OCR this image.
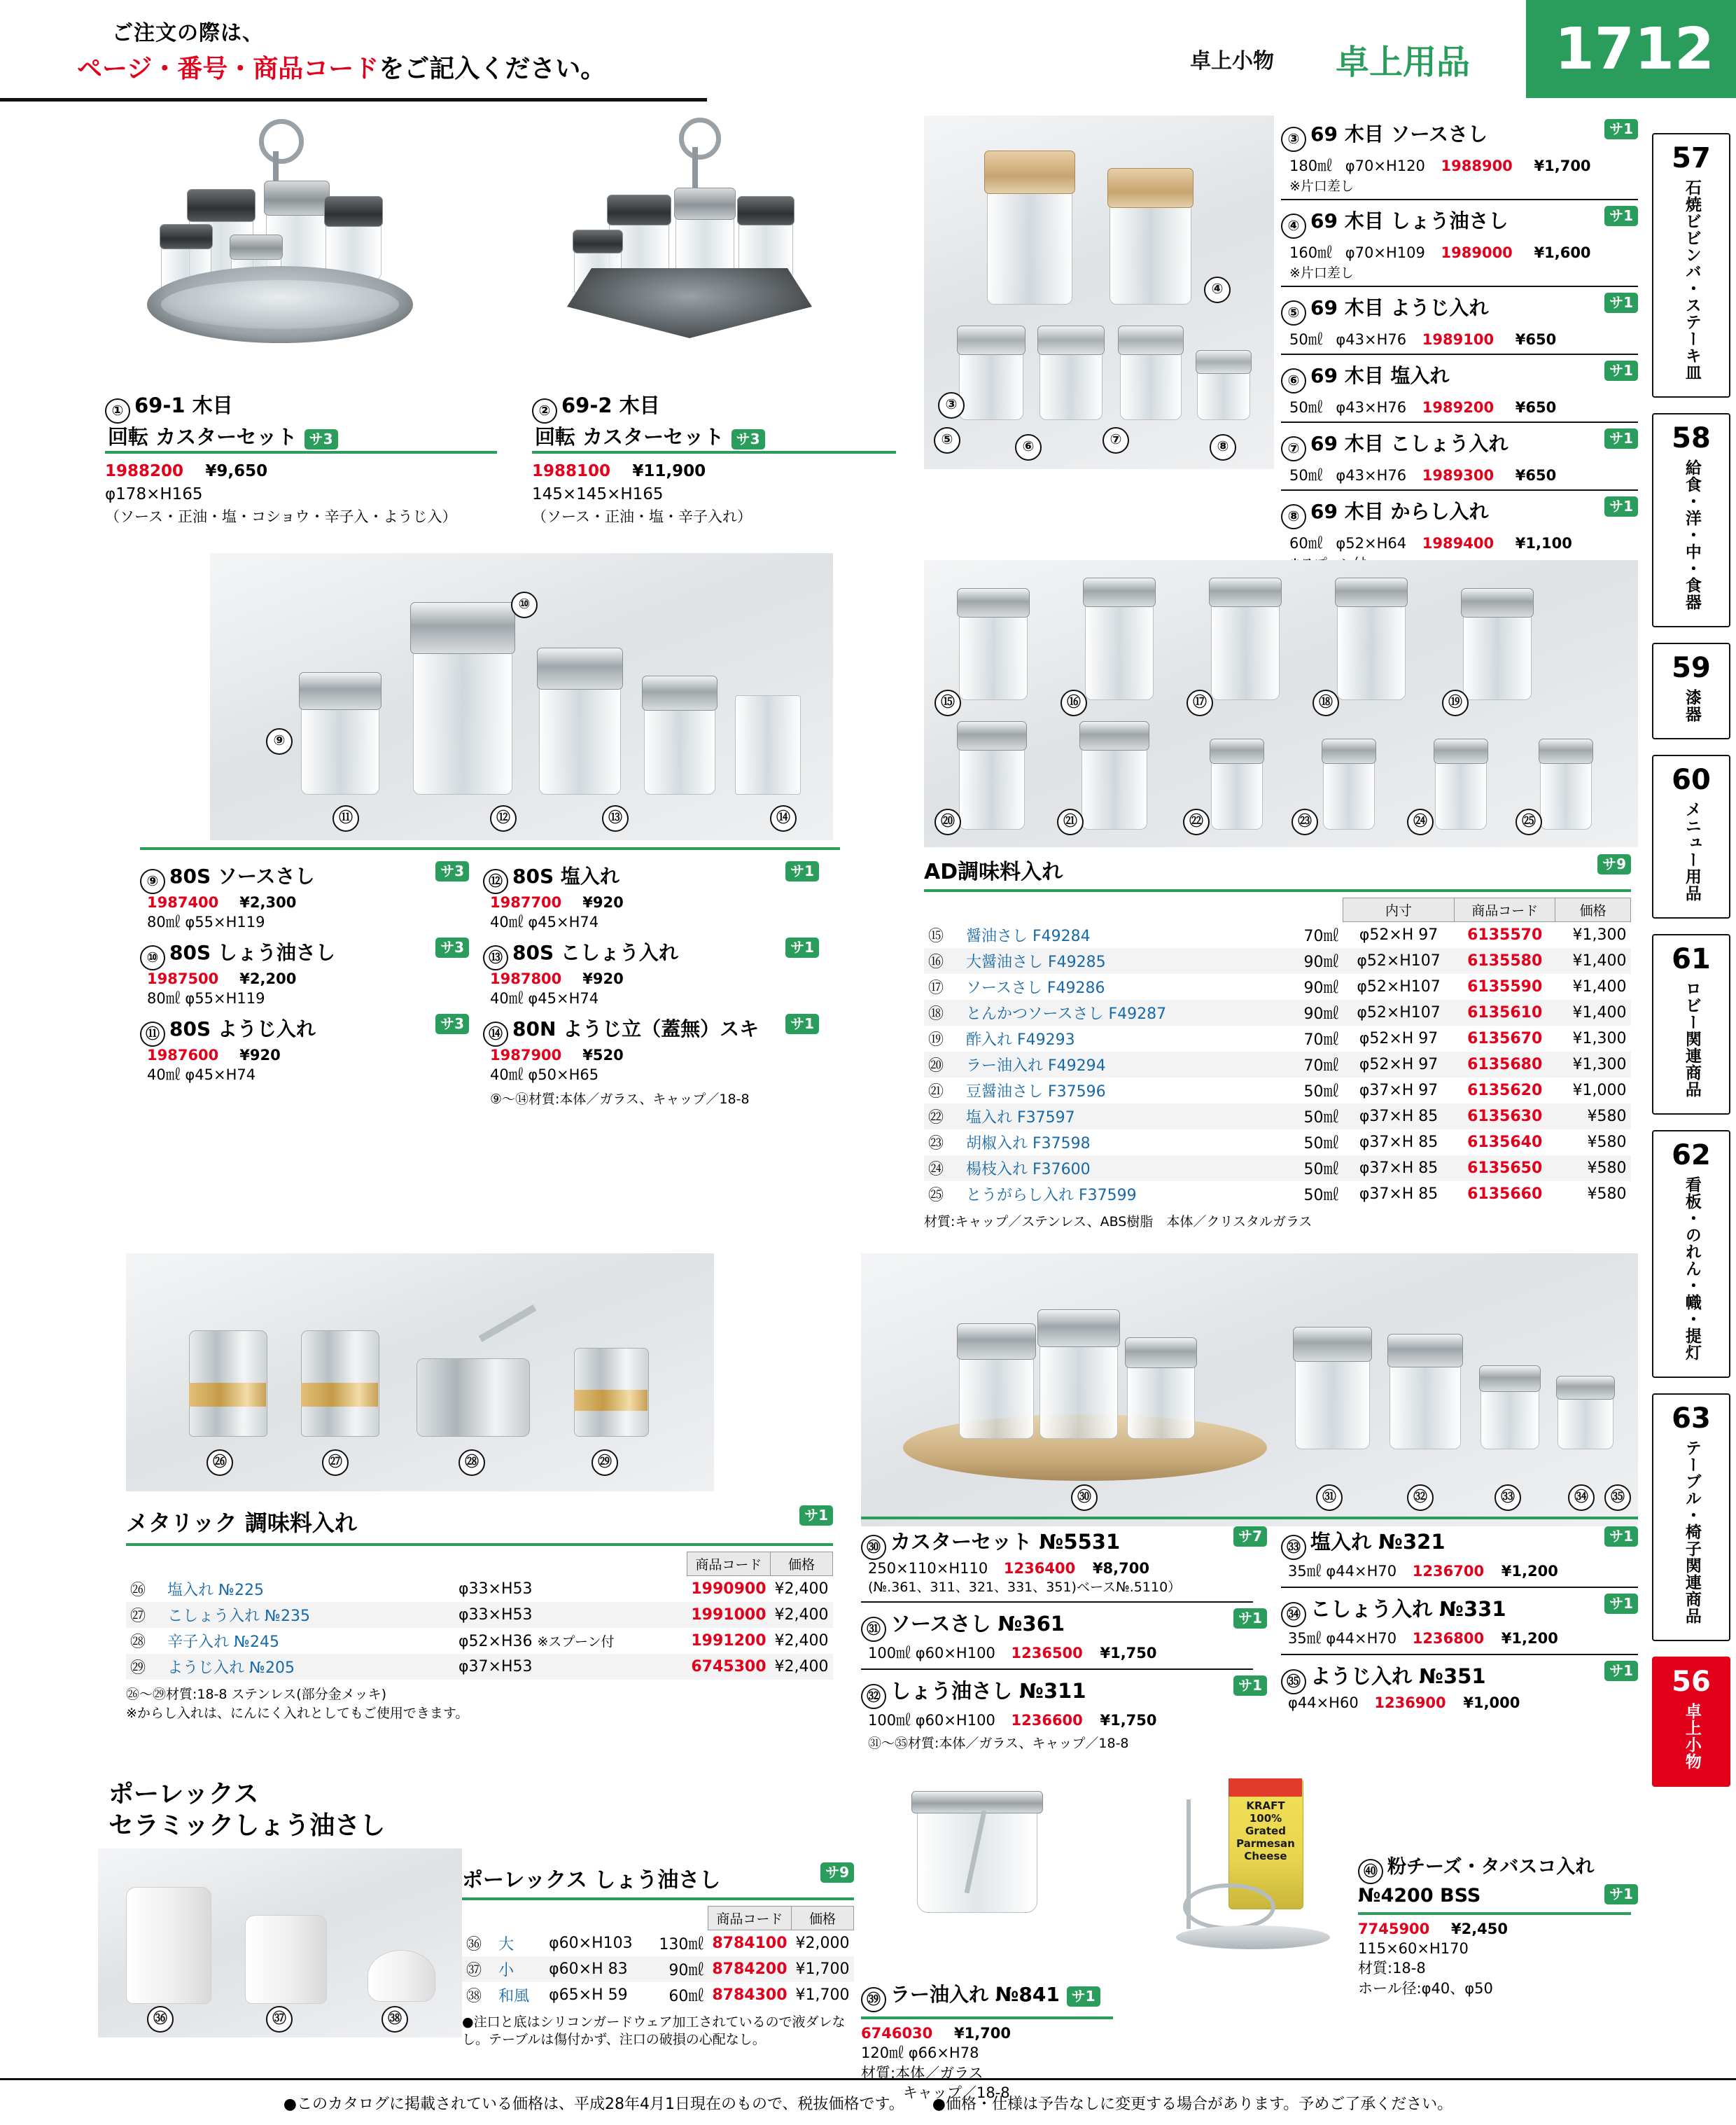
ご注文の際は、
ページ・番号・商品コードをご記入ください。	卓上小物 卓上用品	1712
57
石焼ビビンバ・ステーキ皿
58
給食・洋・中・食器
59
漆器
60
メニュー用品
61
ロビー関連商品
62
看板・のれん・幟・提灯
63
テーブル・椅子関連商品
56
卓上小物
① 69-1 木目
回転 カスターセット サ3
1988200 ¥9,650
φ178×H165
（ソース・正油・塩・コショウ・辛子入・ようじ入）
② 69-2 木目
回転 カスターセット サ3
1988100 ¥11,900
145×145×H165
（ソース・正油・塩・辛子入れ）
③
④
⑤	⑥	⑦	⑧
③ 69 木目 ソースさし	サ1
180㎖ φ70×H120 1988900 ¥1,700
※片口差し
④ 69 木目 しょう油さし	サ1
160㎖ φ70×H109 1989000 ¥1,600
※片口差し
⑤ 69 木目 ようじ入れ	サ1
50㎖ φ43×H76 1989100 ¥650
⑥ 69 木目 塩入れ	サ1
50㎖ φ43×H76 1989200 ¥650
⑦ 69 木目 こしょう入れ	サ1
50㎖ φ43×H76 1989300 ¥650
⑧ 69 木目 からし入れ	サ1
60㎖ φ52×H64 1989400 ¥1,100
⑨
⑩
⑪	⑫	⑬	⑭
⑨ 80S ソースさし	サ3
1987400 ¥2,300
80㎖ φ55×H119
⑩ 80S しょう油さし	サ3
1987500 ¥2,200
80㎖ φ55×H119
⑪ 80S ようじ入れ	サ3
1987600 ¥920
40㎖ φ45×H74
⑫ 80S 塩入れ	サ1
1987700 ¥920
40㎖ φ45×H74
⑬ 80S こしょう入れ	サ1
1987800 ¥920
40㎖ φ45×H74
⑭ 80N ようじ立（蓋無）スキ	サ1
1987900 ¥520
40㎖ φ50×H65
⑨〜⑭材質:本体／ガラス、キャップ／18-8
⑮	⑯	⑰	⑱	⑲
⑳	㉑	㉒	㉓	㉔	㉕
AD調味料入れ	サ9
			内寸	商品コード	価格
⑮	醤油さし F49284	70㎖	φ52×H 97	6135570	¥1,300
⑯	大醤油さし F49285	90㎖	φ52×H107	6135580	¥1,400
⑰	ソースさし F49286	90㎖	φ52×H107	6135590	¥1,400
⑱	とんかつソースさし F49287	90㎖	φ52×H107	6135610	¥1,400
⑲	酢入れ F49293	70㎖	φ52×H 97	6135670	¥1,300
⑳	ラー油入れ F49294	70㎖	φ52×H 97	6135680	¥1,300
㉑	豆醤油さし F37596	50㎖	φ37×H 97	6135620	¥1,000
㉒	塩入れ F37597	50㎖	φ37×H 85	6135630	¥580
㉓	胡椒入れ F37598	50㎖	φ37×H 85	6135640	¥580
㉔	楊枝入れ F37600	50㎖	φ37×H 85	6135650	¥580
㉕	とうがらし入れ F37599	50㎖	φ37×H 85	6135660	¥580
材質:キャップ／ステンレス、ABS樹脂　本体／クリスタルガラス
㉖	㉗	㉘	㉙
メタリック 調味料入れ	サ1
			商品コード	価格
㉖	塩入れ №225	φ33×H53	1990900	¥2,400
㉗	こしょう入れ №235	φ33×H53	1991000	¥2,400
㉘	辛子入れ №245	φ52×H36 ※スプーン付	1991200	¥2,400
㉙	ようじ入れ №205	φ37×H53	6745300	¥2,400
㉖〜㉙材質:18-8 ステンレス(部分金メッキ)
※からし入れは、にんにく入れとしてもご使用できます。
㉚	㉛	㉜	㉝	㉞	㉟
㉚ カスターセット №5531	サ7
250×110×H110 1236400 ¥8,700
(№.361、311、321、331、351)ベース№.5110）
㉛ ソースさし №361	サ1
100㎖ φ60×H100 1236500 ¥1,750
㉜ しょう油さし №311	サ1
100㎖ φ60×H100 1236600 ¥1,750
㉛〜㉟材質:本体／ガラス、キャップ／18-8
㉝ 塩入れ №321	サ1
35㎖ φ44×H70 1236700 ¥1,200
㉞ こしょう入れ №331	サ1
35㎖ φ44×H70 1236800 ¥1,200
㉟ ようじ入れ №351	サ1
φ44×H60 1236900 ¥1,000
ポーレックス
セラミックしょう油さし
㊱	㊲	㊳
ポーレックス しょう油さし	サ9
				商品コード	価格
㊱	大	φ60×H103	130㎖	8784100	¥2,000
㊲	小	φ60×H 83	90㎖	8784200	¥1,700
㊳	和風	φ65×H 59	60㎖	8784300	¥1,700
●注口と底はシリコンガードウェア加工されているので液ダレなし。テーブルは傷付かず、注口の破損の心配なし。
㊴ ラー油入れ №841 サ1
6746030 ¥1,700
120㎖ φ66×H78
材質:本体／ガラス
キャップ／18-8
KRAFT
100%
Grated
Parmesan
Cheese
㊵ 粉チーズ・タバスコ入れ
№4200 BSS	サ1
7745900 ¥2,450
115×60×H170
材質:18-8
ホール径:φ40、φ50
●このカタログに掲載されている価格は、平成28年4月1日現在のもので、税抜価格です。 ●価格・仕様は予告なしに変更する場合があります。予めご了承ください。
